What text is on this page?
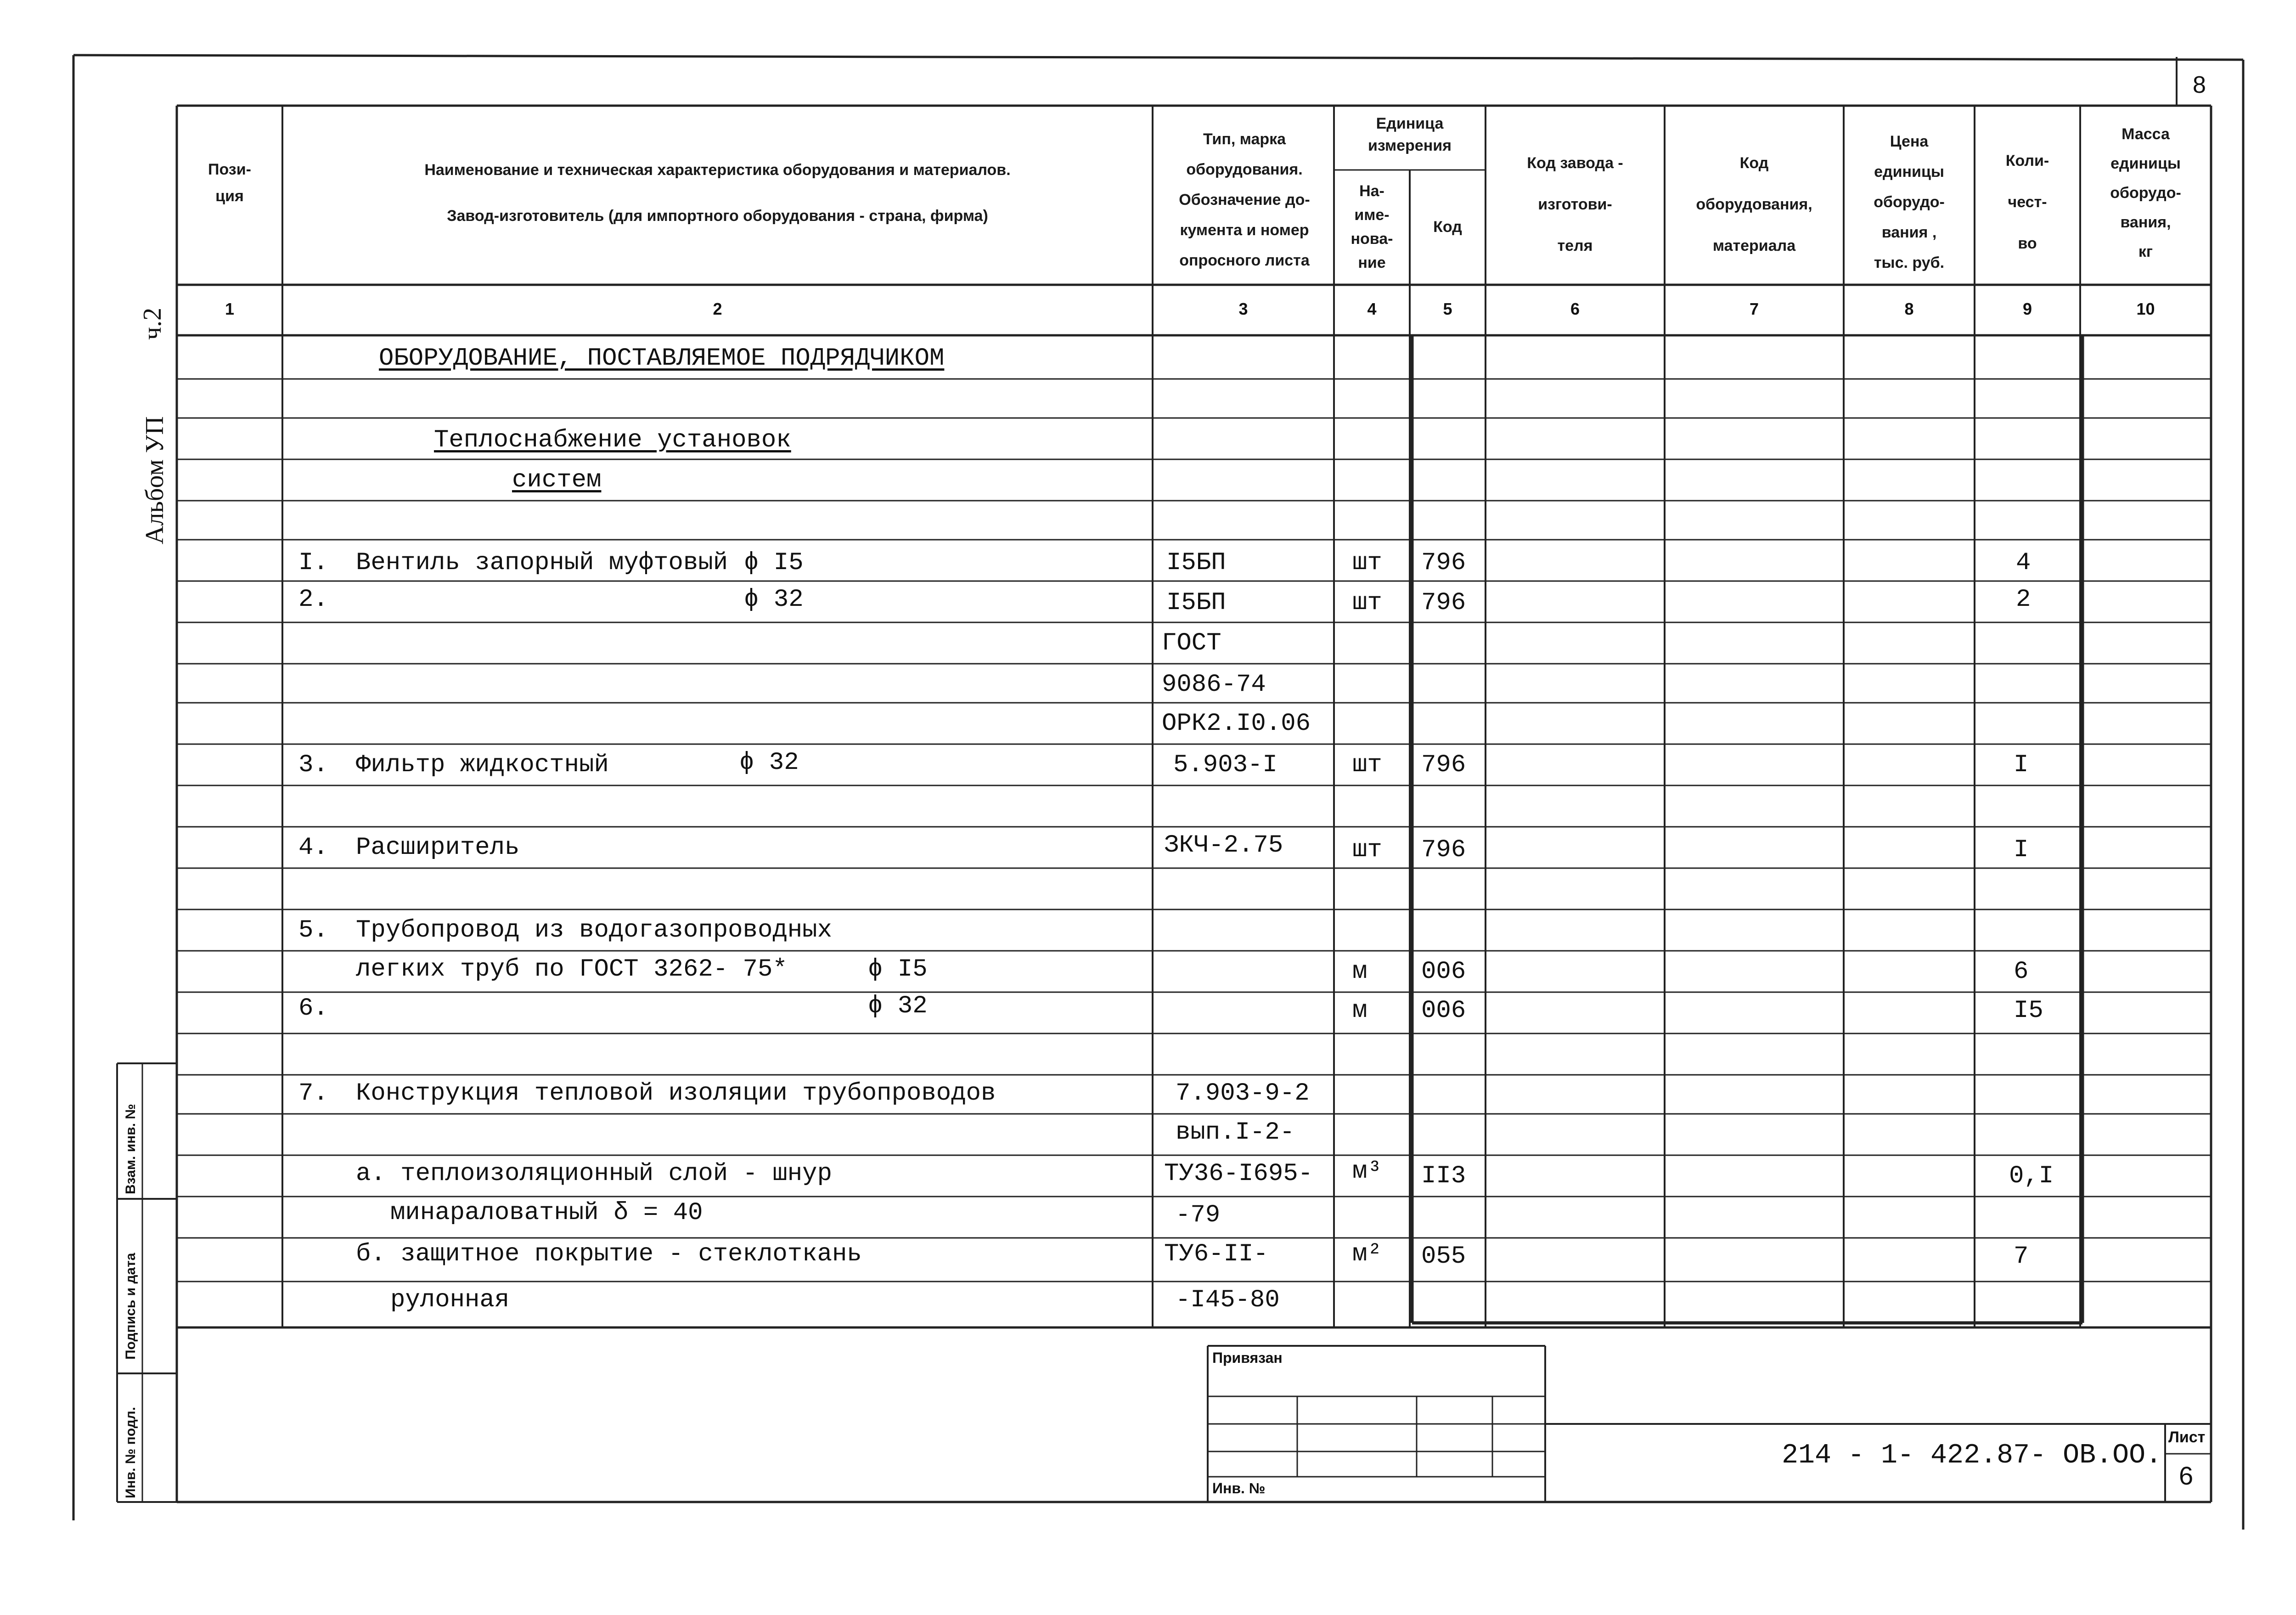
8
ч.2
Альбом УП
Взам. инв. №
Подпись и дата
Инв. № подл.
Пози-
ция
Наименование и техническая характеристика оборудования и материалов.
Завод-изготовитель (для импортного оборудования - страна, фирма)
Тип, марка
оборудования.
Обозначение до-
кумента и номер
опросного листа
Единица
измерения
На-
име-
нова-
ние
Код
Код завода -
изготови-
теля
Код
оборудования,
материала
Цена
единицы
оборудо-
вания ,
тыс. руб.
Коли-
чест-
во
Масса
единицы
оборудо-
вания,
кг
1	2	3	4	5	6	7	8	9	10
ОБОРУДОВАНИЕ, ПОСТАВЛЯЕМОЕ ПОДРЯДЧИКОМ
Теплоснабжение установок
систем
I. Вентиль запорный муфтовый ϕ I5	I5БП	шт 796	4
2.	ϕ 32	I5БП	шт 796	2
ГОСТ
9086-74
ОРК2.I0.06
3. Фильтр жидкостный	ϕ 32	5.903-I	шт 796	I
4. Расширитель	ЗКЧ-2.75	шт 796	I
5. Трубопровод из водогазопроводных
легких труб по ГОСТ 3262- 75*	ϕ I5	м 006	6
6.	ϕ 32	м 006	I5
7. Конструкция тепловой изоляции трубопроводов	7.903-9-2
вып.I-2-
а. теплоизоляционный слой - шнур	ТУ36-I695- м³ II3	0,I
минараловатный δ = 40	-79
б. защитное покрытие - стеклоткань	ТУ6-II-	м² 055	7
рулонная	-I45-80
Привязан
Инв. №
214 - 1- 422.87- ОВ.ОО.
Лист
6
